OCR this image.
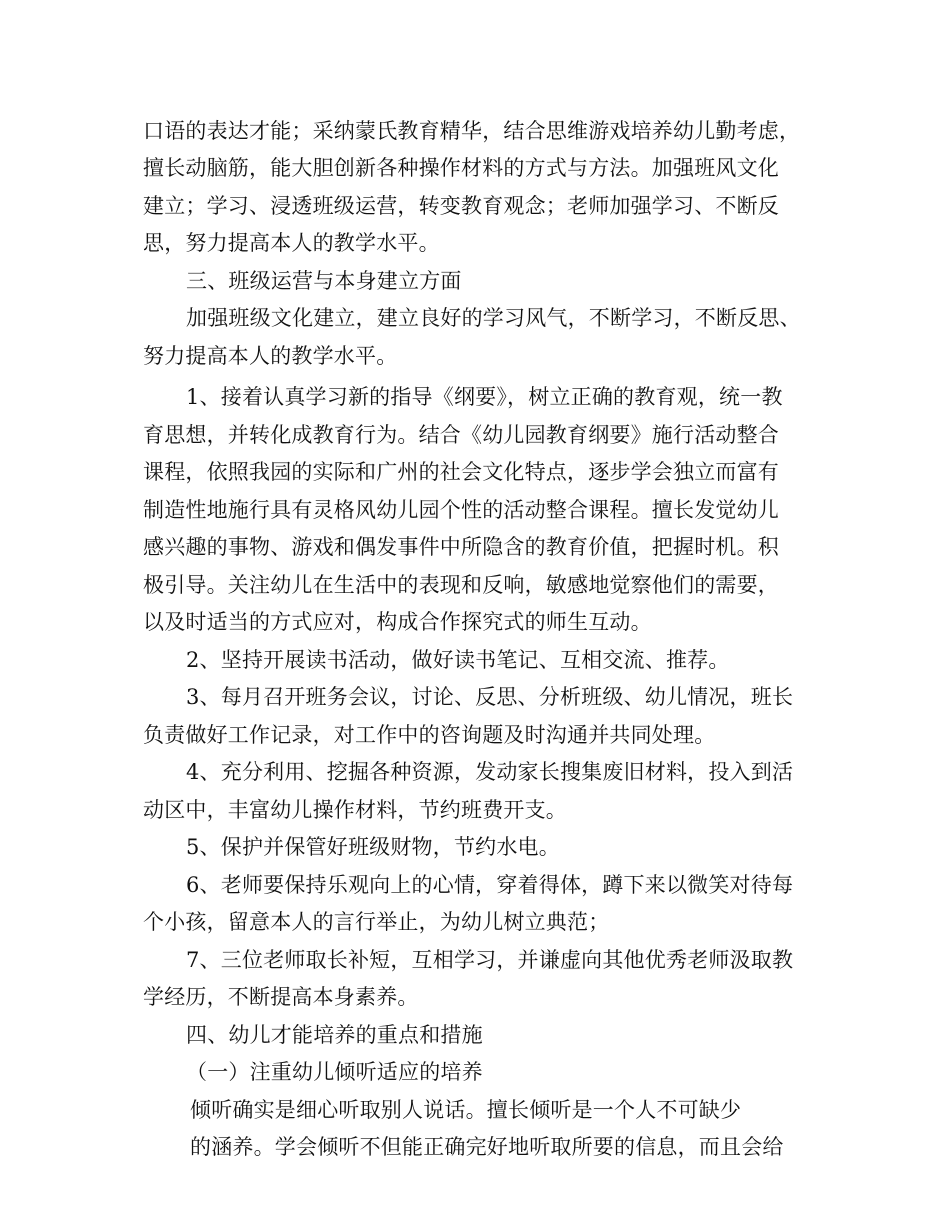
口语的表达才能；采纳蒙氏教育精华，结合思维游戏培养幼儿勤考虑，
擅长动脑筋，能大胆创新各种操作材料的方式与方法。加强班风文化
建立；学习、浸透班级运营，转变教育观念；老师加强学习、不断反
思，努力提高本人的教学水平。
三、班级运营与本身建立方面
加强班级文化建立，建立良好的学习风气，不断学习，不断反思、
努力提高本人的教学水平。
1、接着认真学习新的指导《纲要》，树立正确的教育观，统一教
育思想，并转化成教育行为。结合《幼儿园教育纲要》施行活动整合
课程，依照我园的实际和广州的社会文化特点，逐步学会独立而富有
制造性地施行具有灵格风幼儿园个性的活动整合课程。擅长发觉幼儿
感兴趣的事物、游戏和偶发事件中所隐含的教育价值，把握时机。积
极引导。关注幼儿在生活中的表现和反响，敏感地觉察他们的需要，
以及时适当的方式应对，构成合作探究式的师生互动。
2、坚持开展读书活动，做好读书笔记、互相交流、推荐。
3、每月召开班务会议，讨论、反思、分析班级、幼儿情况，班长
负责做好工作记录，对工作中的咨询题及时沟通并共同处理。
4、充分利用、挖掘各种资源，发动家长搜集废旧材料，投入到活
动区中，丰富幼儿操作材料，节约班费开支。
5、保护并保管好班级财物，节约水电。
6、老师要保持乐观向上的心情，穿着得体，蹲下来以微笑对待每
个小孩，留意本人的言行举止，为幼儿树立典范；
7、三位老师取长补短，互相学习，并谦虚向其他优秀老师汲取教
学经历，不断提高本身素养。
四、幼儿才能培养的重点和措施
（一）注重幼儿倾听适应的培养
倾听确实是细心听取别人说话。擅长倾听是一个人不可缺少
的涵养。学会倾听不但能正确完好地听取所要的信息，而且会给
